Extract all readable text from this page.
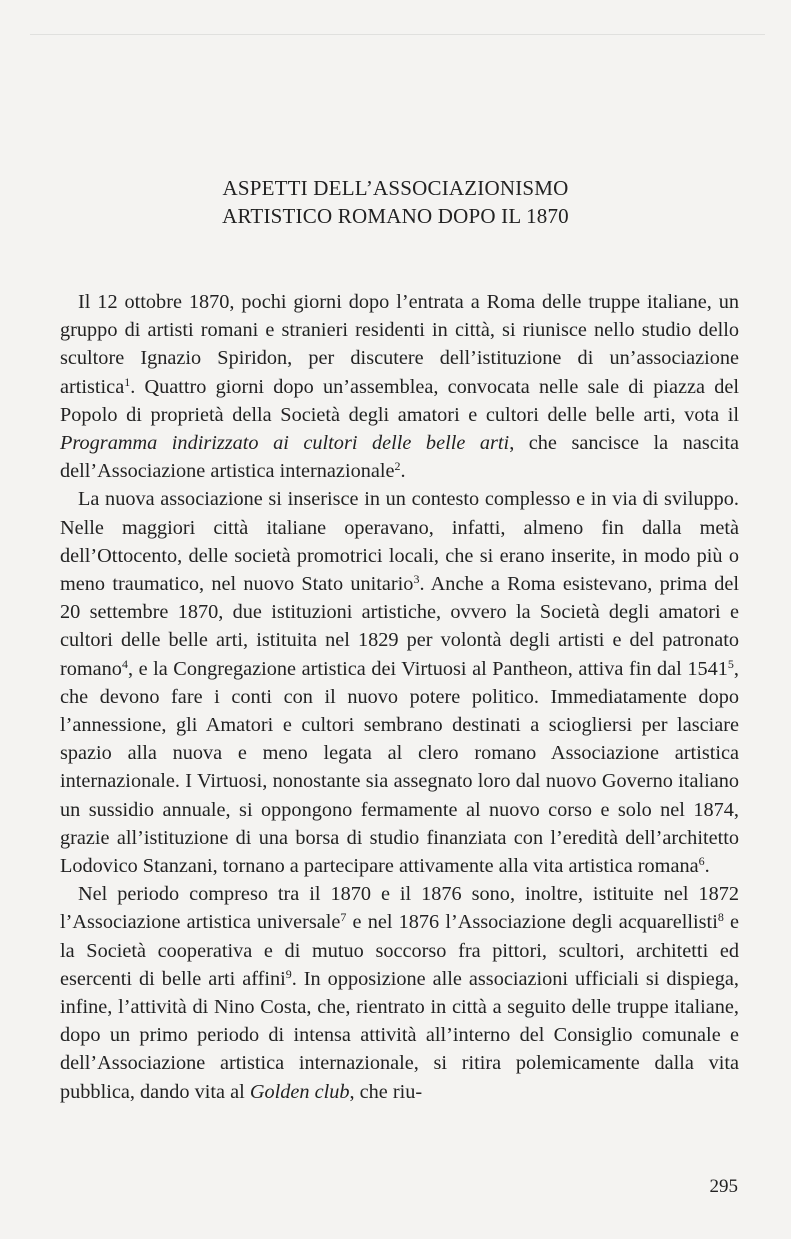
ASPETTI DELL’ASSOCIAZIONISMO
ARTISTICO ROMANO DOPO IL 1870

Il 12 ottobre 1870, pochi giorni dopo l’entrata a Roma delle truppe italiane, un gruppo di artisti romani e stranieri residenti in città, si riunisce nello studio dello scultore Ignazio Spiridon, per discutere dell’istituzione di un’associazione artistica$^1$. Quattro giorni dopo un’assemblea, convocata nelle sale di piazza del Popolo di proprietà della Società degli amatori e cultori delle belle arti, vota il Programma indirizzato ai cultori delle belle arti, che sancisce la nascita dell’Associazione artistica internazionale$^2$.

La nuova associazione si inserisce in un contesto complesso e in via di sviluppo. Nelle maggiori città italiane operavano, infatti, almeno fin dalla metà dell’Ottocento, delle società promotrici locali, che si erano inserite, in modo più o meno traumatico, nel nuovo Stato unitario$^3$. Anche a Roma esistevano, prima del 20 settembre 1870, due istituzioni artistiche, ovvero la Società degli amatori e cultori delle belle arti, istituita nel 1829 per volontà degli artisti e del patronato romano$^4$, e la Congregazione artistica dei Virtuosi al Pantheon, attiva fin dal 1541$^5$, che devono fare i conti con il nuovo potere politico. Immediatamente dopo l’annessione, gli Amatori e cultori sembrano destinati a sciogliersi per lasciare spazio alla nuova e meno legata al clero romano Associazione artistica internazionale. I Virtuosi, nonostante sia assegnato loro dal nuovo Governo italiano un sussidio annuale, si oppongono fermamente al nuovo corso e solo nel 1874, grazie all’istituzione di una borsa di studio finanziata con l’eredità dell’architetto Lodovico Stanzani, tornano a partecipare attivamente alla vita artistica romana$^6$.

Nel periodo compreso tra il 1870 e il 1876 sono, inoltre, istituite nel 1872 l’Associazione artistica universale$^7$ e nel 1876 l’Associazione degli acquarellisti$^8$ e la Società cooperativa e di mutuo soccorso fra pittori, scultori, architetti ed esercenti di belle arti affini$^9$. In opposizione alle associazioni ufficiali si dispiega, infine, l’attività di Nino Costa, che, rientrato in città a seguito delle truppe italiane, dopo un primo periodo di intensa attività all’interno del Consiglio comunale e dell’Associazione artistica internazionale, si ritira polemicamente dalla vita pubblica, dando vita al Golden club, che riu-

295
